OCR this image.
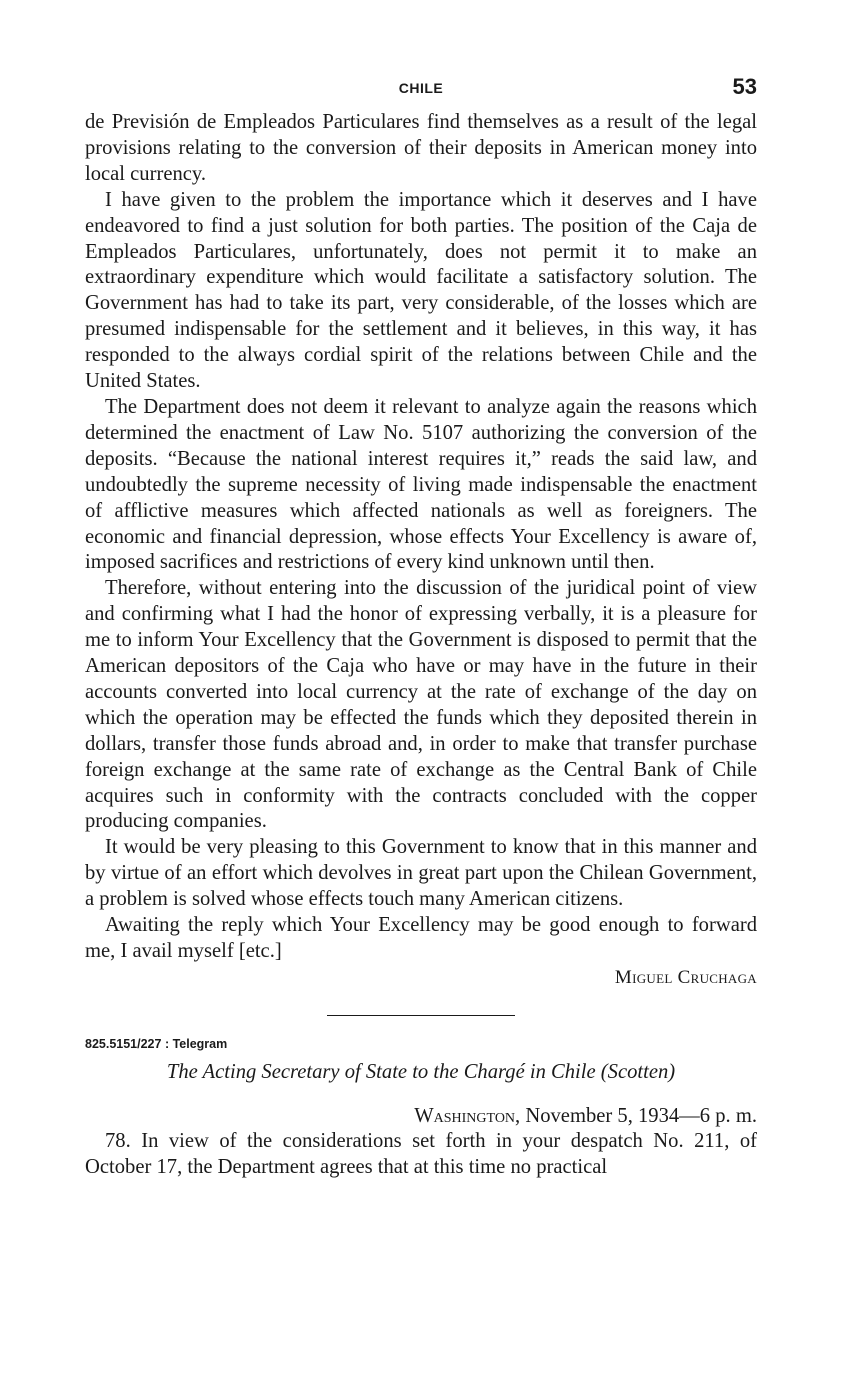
CHILE	53

de Previsión de Empleados Particulares find themselves as a result of the legal provisions relating to the conversion of their deposits in American money into local currency.

I have given to the problem the importance which it deserves and I have endeavored to find a just solution for both parties. The position of the Caja de Empleados Particulares, unfortunately, does not permit it to make an extraordinary expenditure which would facilitate a satisfactory solution. The Government has had to take its part, very considerable, of the losses which are presumed indispensable for the settlement and it believes, in this way, it has responded to the always cordial spirit of the relations between Chile and the United States.

The Department does not deem it relevant to analyze again the reasons which determined the enactment of Law No. 5107 authorizing the conversion of the deposits. “Because the national interest requires it,” reads the said law, and undoubtedly the supreme necessity of living made indispensable the enactment of afflictive measures which affected nationals as well as foreigners. The economic and financial depression, whose effects Your Excellency is aware of, imposed sacrifices and restrictions of every kind unknown until then.

Therefore, without entering into the discussion of the juridical point of view and confirming what I had the honor of expressing verbally, it is a pleasure for me to inform Your Excellency that the Government is disposed to permit that the American depositors of the Caja who have or may have in the future in their accounts converted into local currency at the rate of exchange of the day on which the operation may be effected the funds which they deposited therein in dollars, transfer those funds abroad and, in order to make that transfer purchase foreign exchange at the same rate of exchange as the Central Bank of Chile acquires such in conformity with the contracts concluded with the copper producing companies.

It would be very pleasing to this Government to know that in this manner and by virtue of an effort which devolves in great part upon the Chilean Government, a problem is solved whose effects touch many American citizens.

Awaiting the reply which Your Excellency may be good enough to forward me, I avail myself [etc.]

Miguel Cruchaga
825.5151/227 : Telegram
The Acting Secretary of State to the Chargé in Chile (Scotten)
Washington, November 5, 1934—6 p. m.

78. In view of the considerations set forth in your despatch No. 211, of October 17, the Department agrees that at this time no practical
